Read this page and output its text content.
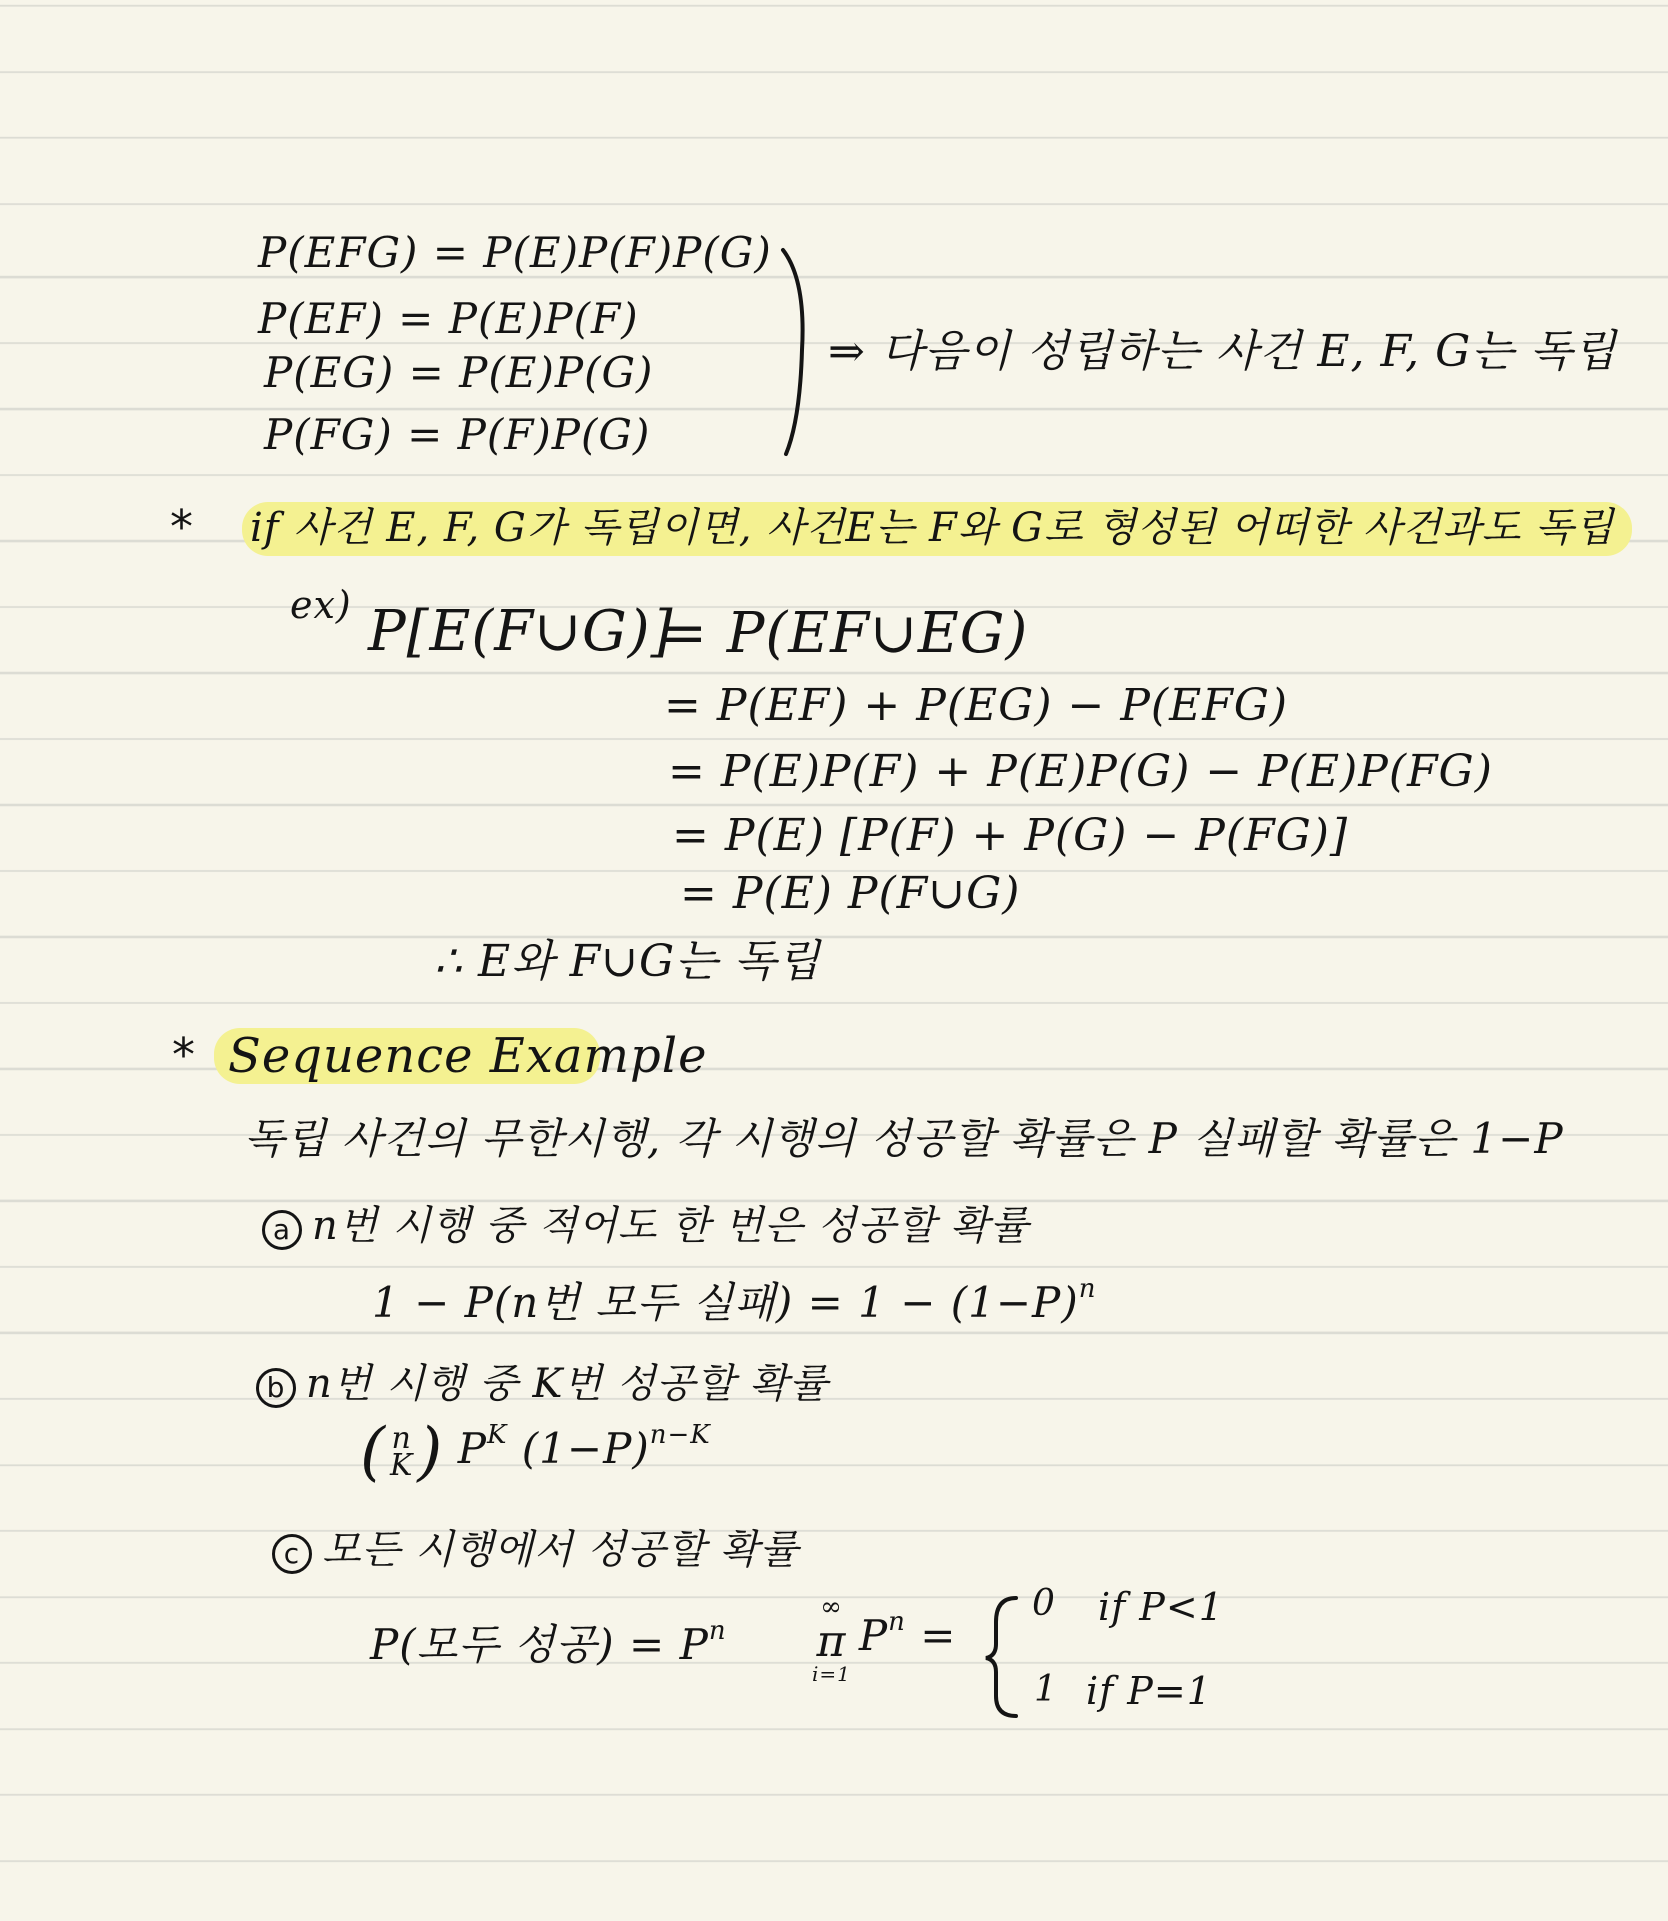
P(EFG) = P(E)P(F)P(G)
P(EF) = P(E)P(F)
P(EG) = P(E)P(G)
P(FG) = P(F)P(G)
⇒ 다음이 성립하는 사건 E, F, G는 독립
* if 사건 E, F, G가 독립이면, 사건E는 F와 G로 형성된 어떠한 사건과도 독립
ex) P[E(F∪G)]
= P(EF∪EG)
= P(EF) + P(EG) − P(EFG)
= P(E)P(F) + P(E)P(G) − P(E)P(FG)
= P(E) [P(F) + P(G) − P(FG)]
= P(E) P(F∪G)
∴ E와 F∪G는 독립
* Sequence Example
독립 사건의 무한시행, 각 시행의 성공할 확률은 P 실패할 확률은 1−P
a n번 시행 중 적어도 한 번은 성공할 확률
1 − P(n번 모두 실패) = $1 - (1-P)^n$
b n번 시행 중 K번 성공할 확률
( n
K ) $P^K$ $(1-P)^{n-K}$
c 모든 시행에서 성공할 확률
P(모두 성공) = $P^n$
∞
π
i=1
$P^n$ =
0 if P<1
1 if P=1
